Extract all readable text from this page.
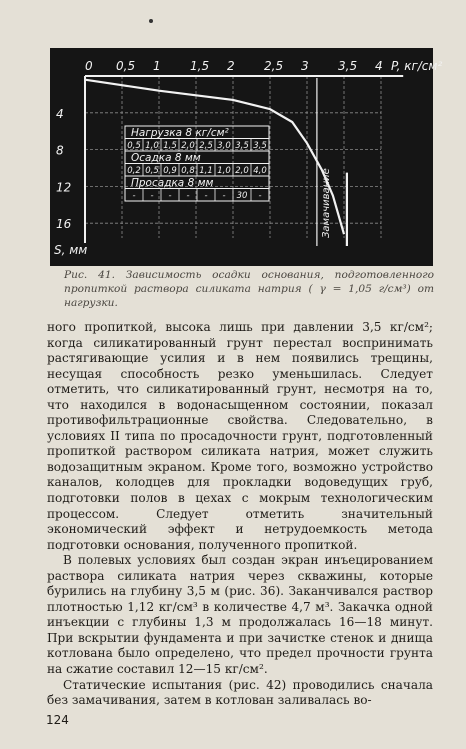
0 0,5 1 1,5 2 2,5 3 3,5 4 P, кг/см²
4
8
12
16
S, мм
Нагрузка 8 кг/см²
0,5 1,0 1,5 2,0 2,5 3,0 3,5 3,5
Осадка 8 мм
0,2 0,5 0,9 0,8 1,1 1,0 2,0 4,0
Просадка 8 мм
- - - - - - 30 -	Замачивание
Рис. 41. Зависимость осадки основания, подготовленного пропиткой раствора силиката натрия ( γ = 1,05 г/см³) от нагрузки.

ного пропиткой, высока лишь при давлении 3,5 кг/см²; когда силикатированный грунт перестал воспринимать растягивающие усилия и в нем появились трещины, несущая способность резко уменьшилась. Следует отметить, что силикатированный грунт, несмотря на то, что находился в водонасыщенном состоянии, показал противофильтрационные свойства. Следовательно, в условиях II типа по просадочности грунт, подготовленный пропиткой раствором силиката натрия, может служить водозащитным экраном. Кроме того, возможно устройство каналов, колодцев для прокладки водоведущих груб, подготовки полов в цехах с мокрым технологическим процессом. Следует отметить значительный экономический эффект и нетрудоемкость метода подготовки основания, полученного пропиткой.

В полевых условиях был создан экран инъецированием раствора силиката натрия через скважины, которые бурились на глубину 3,5 м (рис. 36). Заканчивался раствор плотностью 1,12 кг/см³ в количестве 4,7 м³. Закачка одной инъекции с глубины 1,3 м продолжалась 16—18 минут. При вскрытии фундамента и при зачистке стенок и днища котлована было определено, что предел прочности грунта на сжатие составил 12—15 кг/см².

Статические испытания (рис. 42) проводились сначала без замачивания, затем в котлован заливалась во-

124
